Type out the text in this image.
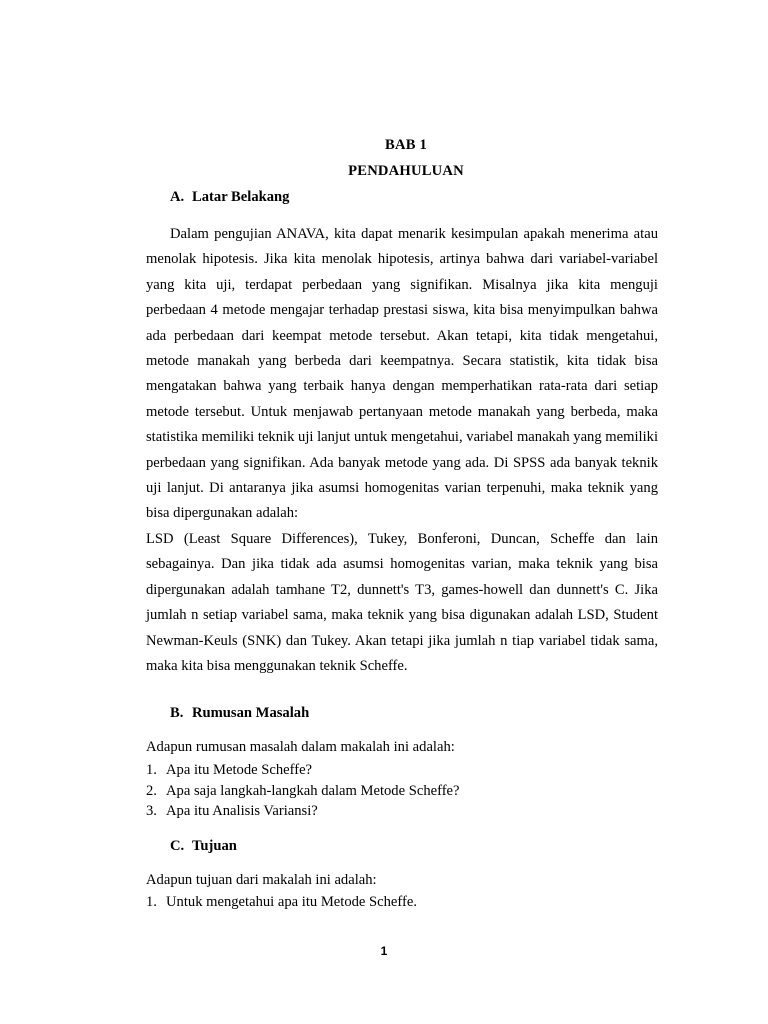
BAB 1
PENDAHULUAN
A. Latar Belakang

Dalam pengujian ANAVA, kita dapat menarik kesimpulan apakah menerima atau menolak hipotesis. Jika kita menolak hipotesis, artinya bahwa dari variabel-variabel yang kita uji, terdapat perbedaan yang signifikan. Misalnya jika kita menguji perbedaan 4 metode mengajar terhadap prestasi siswa, kita bisa menyimpulkan bahwa ada perbedaan dari keempat metode tersebut. Akan tetapi, kita tidak mengetahui, metode manakah yang berbeda dari keempatnya. Secara statistik, kita tidak bisa mengatakan bahwa yang terbaik hanya dengan memperhatikan rata-rata dari setiap metode tersebut. Untuk menjawab pertanyaan metode manakah yang berbeda, maka statistika memiliki teknik uji lanjut untuk mengetahui, variabel manakah yang memiliki perbedaan yang signifikan. Ada banyak metode yang ada. Di SPSS ada banyak teknik uji lanjut. Di antaranya jika asumsi homogenitas varian terpenuhi, maka teknik yang bisa dipergunakan adalah:

LSD (Least Square Differences), Tukey, Bonferoni, Duncan, Scheffe dan lain sebagainya. Dan jika tidak ada asumsi homogenitas varian, maka teknik yang bisa dipergunakan adalah tamhane T2, dunnett's T3, games-howell dan dunnett's C. Jika jumlah n setiap variabel sama, maka teknik yang bisa digunakan adalah LSD, Student Newman-Keuls (SNK) dan Tukey. Akan tetapi jika jumlah n tiap variabel tidak sama, maka kita bisa menggunakan teknik Scheffe.

B. Rumusan Masalah
Adapun rumusan masalah dalam makalah ini adalah:
1. Apa itu Metode Scheffe?
2. Apa saja langkah-langkah dalam Metode Scheffe?
3. Apa itu Analisis Variansi?
C. Tujuan
Adapun tujuan dari makalah ini adalah:
1. Untuk mengetahui apa itu Metode Scheffe.
1
